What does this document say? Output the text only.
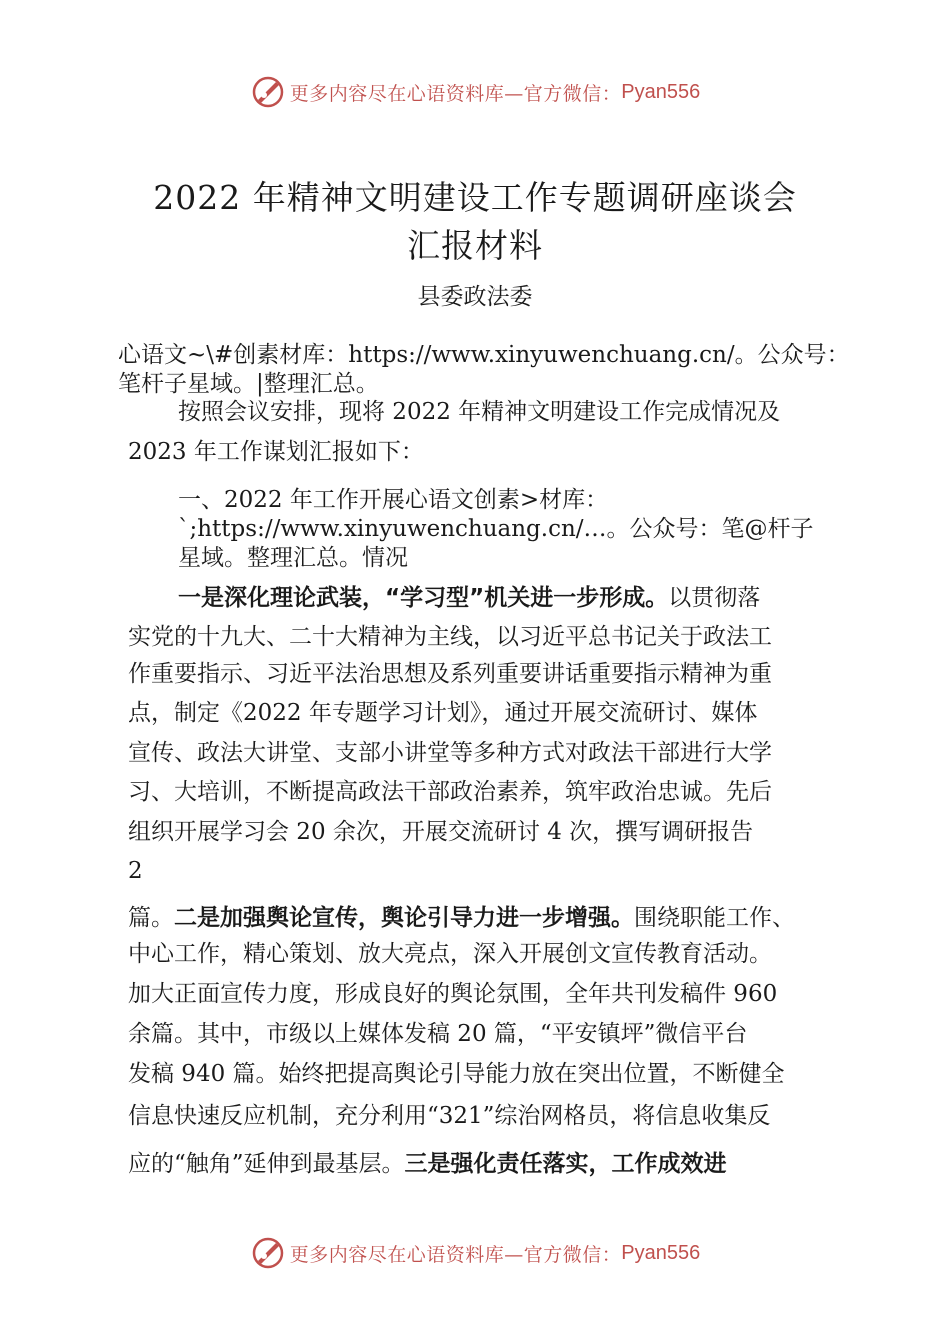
更多内容尽在心语资料库—官方微信： Pyan556
2022 年精神文明建设工作专题调研座谈会
汇报材料
县委政法委
心语文~\#创素材库：https://www.xinyuwenchuang.cn/。公众号：
笔杆子星域。|整理汇总。
按照会议安排，现将 2022 年精神文明建设工作完成情况及
2023 年工作谋划汇报如下：
一、2022 年工作开展心语文创素>材库：
`;https://www.xinyuwenchuang.cn/…。公众号：笔@杆子
星域。整理汇总。情况
一是深化理论武装，“学习型”机关进一步形成。以贯彻落
实党的十九大、二十大精神为主线，以习近平总书记关于政法工
作重要指示、习近平法治思想及系列重要讲话重要指示精神为重
点，制定《2022 年专题学习计划》，通过开展交流研讨、媒体
宣传、政法大讲堂、支部小讲堂等多种方式对政法干部进行大学
习、大培训，不断提高政法干部政治素养，筑牢政治忠诚。先后
组织开展学习会 20 余次，开展交流研讨 4 次，撰写调研报告
2
篇。二是加强舆论宣传，舆论引导力进一步增强。围绕职能工作、
中心工作，精心策划、放大亮点，深入开展创文宣传教育活动。
加大正面宣传力度，形成良好的舆论氛围，全年共刊发稿件 960
余篇。其中，市级以上媒体发稿 20 篇，“平安镇坪”微信平台
发稿 940 篇。始终把提高舆论引导能力放在突出位置，不断健全
信息快速反应机制，充分利用“321”综治网格员，将信息收集反
应的“触角”延伸到最基层。三是强化责任落实，工作成效进
更多内容尽在心语资料库—官方微信： Pyan556
